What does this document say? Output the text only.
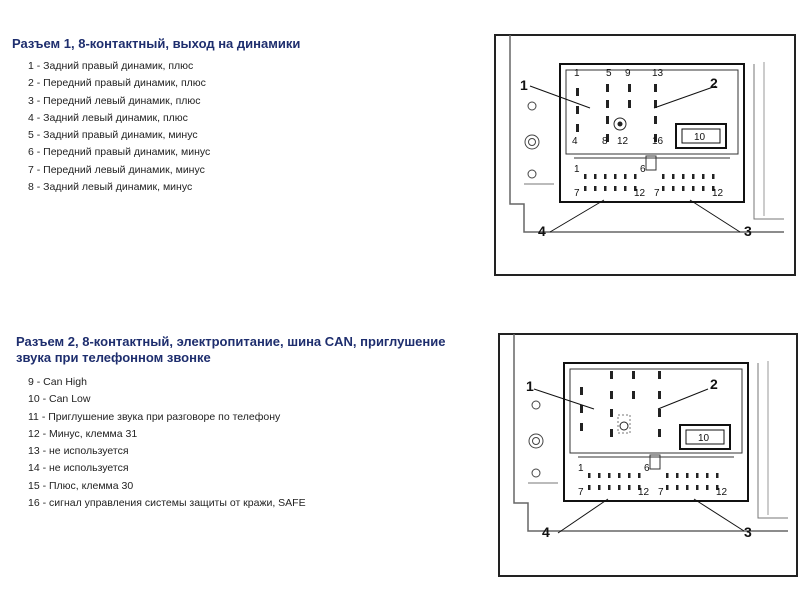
Разъем 1, 8-контактный, выход на динамики
1 - Задний правый динамик, плюс
2 - Передний правый динамик, плюс
3 - Передний левый динамик, плюс
4 - Задний левый динамик, плюс
5 - Задний правый динамик, минус
6 - Передний правый динамик, минус
7 - Передний левый динамик, минус
8 - Задний левый динамик, минус
Разъем 2, 8-контактный, электропитание, шина CAN, приглушение
звука при телефонном звонке
9 - Can High
10 - Can Low
11 - Приглушение звука при разговоре по телефону
12 - Минус, клемма 31
13 - не используется
14 - не используется
15 - Плюс, клемма 30
16 - сигнал управления системы защиты от кражи, SAFE
1	5 9 13
4 8 12 16	10
1	6
7	12 7	12
1	2
4	3
10
1	6
7	12 7	12
1	2
4	3
